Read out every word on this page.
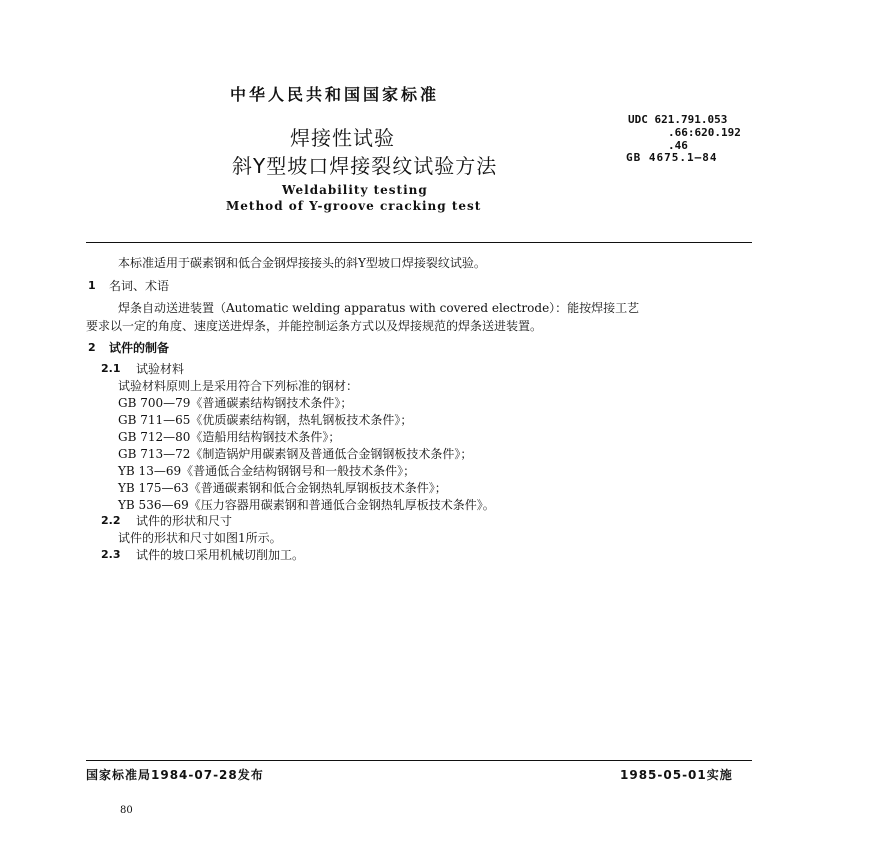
中华人民共和国国家标准
焊接性试验
斜Y型坡口焊接裂纹试验方法
Weldability testing
Method of Y-groove cracking test
UDC 621.791.053
.66:620.192
.46
GB 4675.1—84
本标准适用于碳素钢和低合金钢焊接接头的斜Y型坡口焊接裂纹试验。
1 名词、术语
焊条自动送进装置（Automatic welding apparatus with covered electrode）：能按焊接工艺
要求以一定的角度、速度送进焊条，并能控制运条方式以及焊接规范的焊条送进装置。
2 试件的制备
2.1 试验材料
试验材料原则上是采用符合下列标准的钢材：
GB 700—79《普通碳素结构钢技术条件》；
GB 711—65《优质碳素结构钢，热轧钢板技术条件》；
GB 712—80《造船用结构钢技术条件》；
GB 713—72《制造锅炉用碳素钢及普通低合金钢钢板技术条件》；
YB 13—69《普通低合金结构钢钢号和一般技术条件》；
YB 175—63《普通碳素钢和低合金钢热轧厚钢板技术条件》；
YB 536—69《压力容器用碳素钢和普通低合金钢热轧厚板技术条件》。
2.2 试件的形状和尺寸
试件的形状和尺寸如图1所示。
2.3 试件的坡口采用机械切削加工。
国家标准局1984-07-28发布	1985-05-01实施
80
